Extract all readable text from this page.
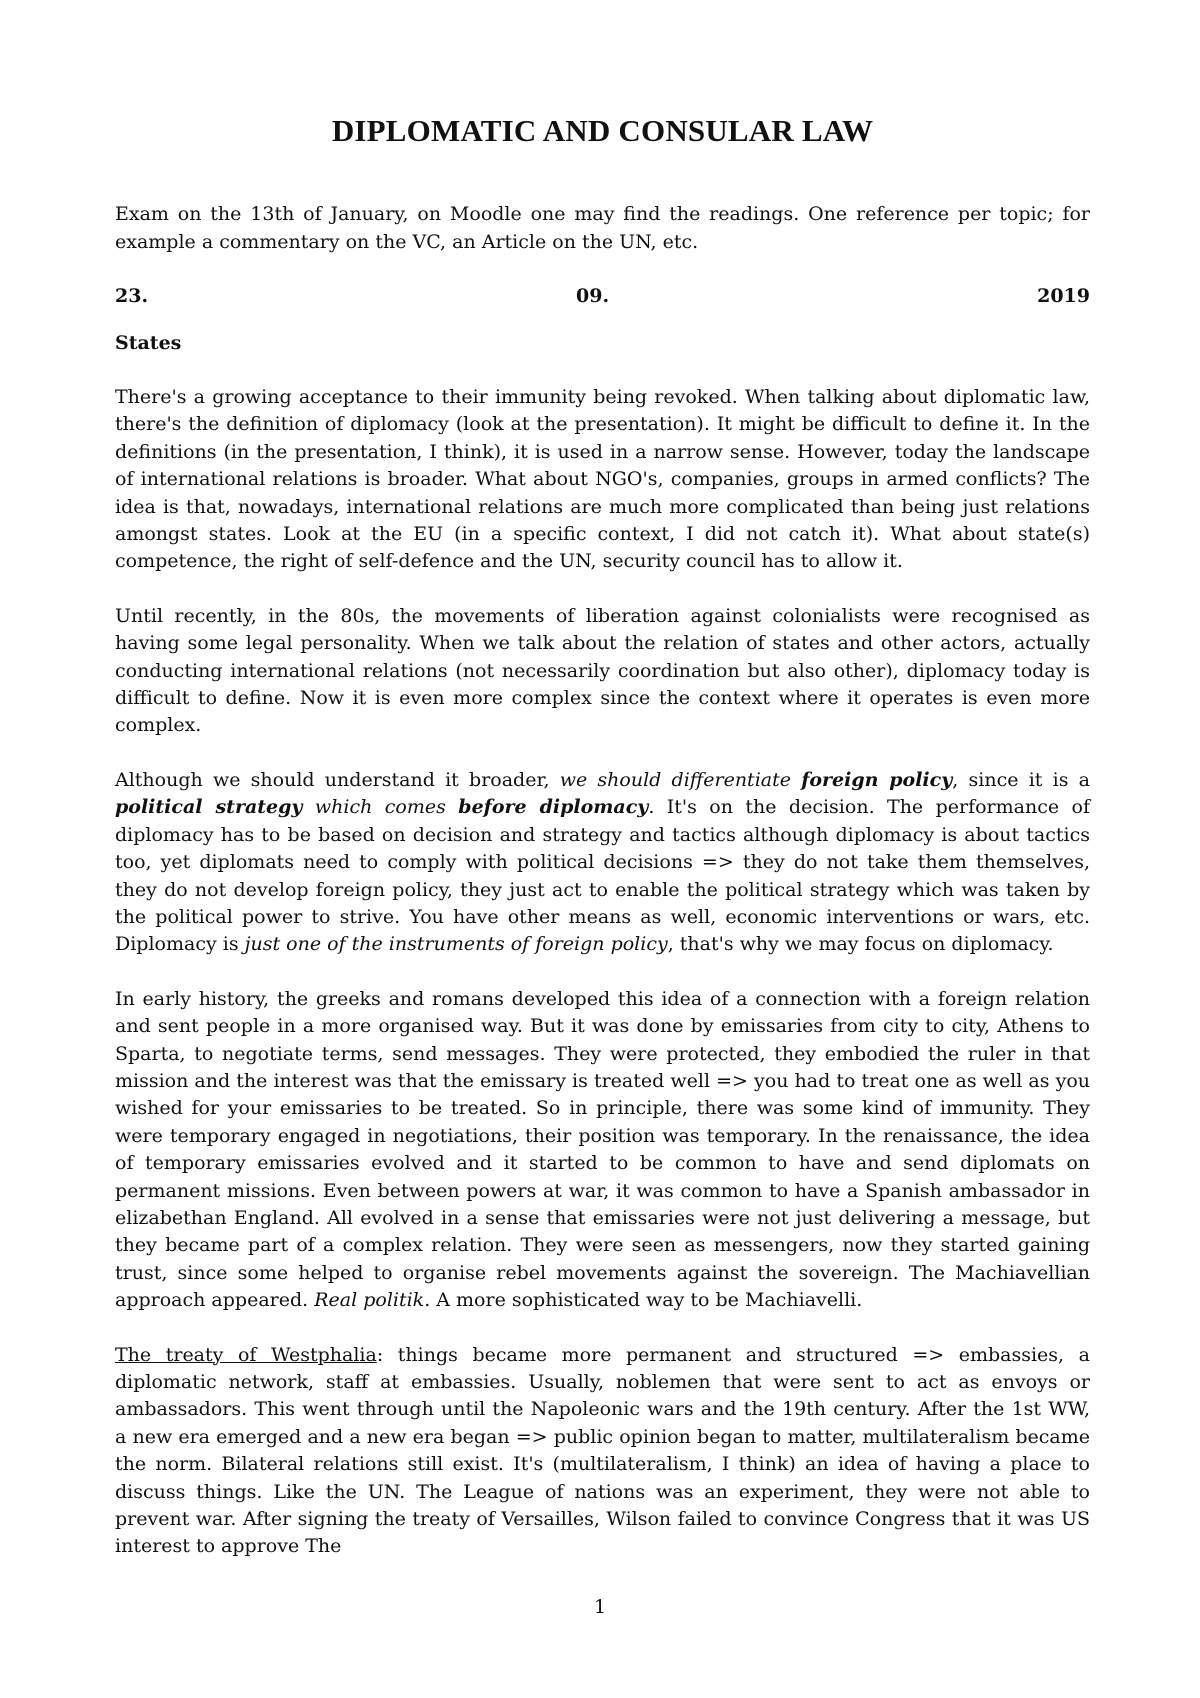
DIPLOMATIC AND CONSULAR LAW

Exam on the 13th of January, on Moodle one may find the readings. One reference per topic; for example a commentary on the VC, an Article on the UN, etc.

23.	09.	2019
States

There's a growing acceptance to their immunity being revoked. When talking about diplomatic law, there's the definition of diplomacy (look at the presentation). It might be difficult to define it. In the definitions (in the presentation, I think), it is used in a narrow sense. However, today the landscape of international relations is broader. What about NGO's, companies, groups in armed conflicts? The idea is that, nowadays, international relations are much more complicated than being just relations amongst states. Look at the EU (in a specific context, I did not catch it). What about state(s) competence, the right of self-defence and the UN, security council has to allow it.

Until recently, in the 80s, the movements of liberation against colonialists were recognised as having some legal personality. When we talk about the relation of states and other actors, actually conducting international relations (not necessarily coordination but also other), diplomacy today is difficult to define. Now it is even more complex since the context where it operates is even more complex.

Although we should understand it broader, we should differentiate foreign policy, since it is a political strategy which comes before diplomacy. It's on the decision. The performance of diplomacy has to be based on decision and strategy and tactics although diplomacy is about tactics too, yet diplomats need to comply with political decisions => they do not take them themselves, they do not develop foreign policy, they just act to enable the political strategy which was taken by the political power to strive. You have other means as well, economic interventions or wars, etc. Diplomacy is just one of the instruments of foreign policy, that's why we may focus on diplomacy.

In early history, the greeks and romans developed this idea of a connection with a foreign relation and sent people in a more organised way. But it was done by emissaries from city to city, Athens to Sparta, to negotiate terms, send messages. They were protected, they embodied the ruler in that mission and the interest was that the emissary is treated well => you had to treat one as well as you wished for your emissaries to be treated. So in principle, there was some kind of immunity. They were temporary engaged in negotiations, their position was temporary. In the renaissance, the idea of temporary emissaries evolved and it started to be common to have and send diplomats on permanent missions. Even between powers at war, it was common to have a Spanish ambassador in elizabethan England. All evolved in a sense that emissaries were not just delivering a message, but they became part of a complex relation. They were seen as messengers, now they started gaining trust, since some helped to organise rebel movements against the sovereign. The Machiavellian approach appeared. Real politik. A more sophisticated way to be Machiavelli.

The treaty of Westphalia: things became more permanent and structured => embassies, a diplomatic network, staff at embassies. Usually, noblemen that were sent to act as envoys or ambassadors. This went through until the Napoleonic wars and the 19th century. After the 1st WW, a new era emerged and a new era began => public opinion began to matter, multilateralism became the norm. Bilateral relations still exist. It's (multilateralism, I think) an idea of having a place to discuss things. Like the UN. The League of nations was an experiment, they were not able to prevent war. After signing the treaty of Versailles, Wilson failed to convince Congress that it was US interest to approve The

1
